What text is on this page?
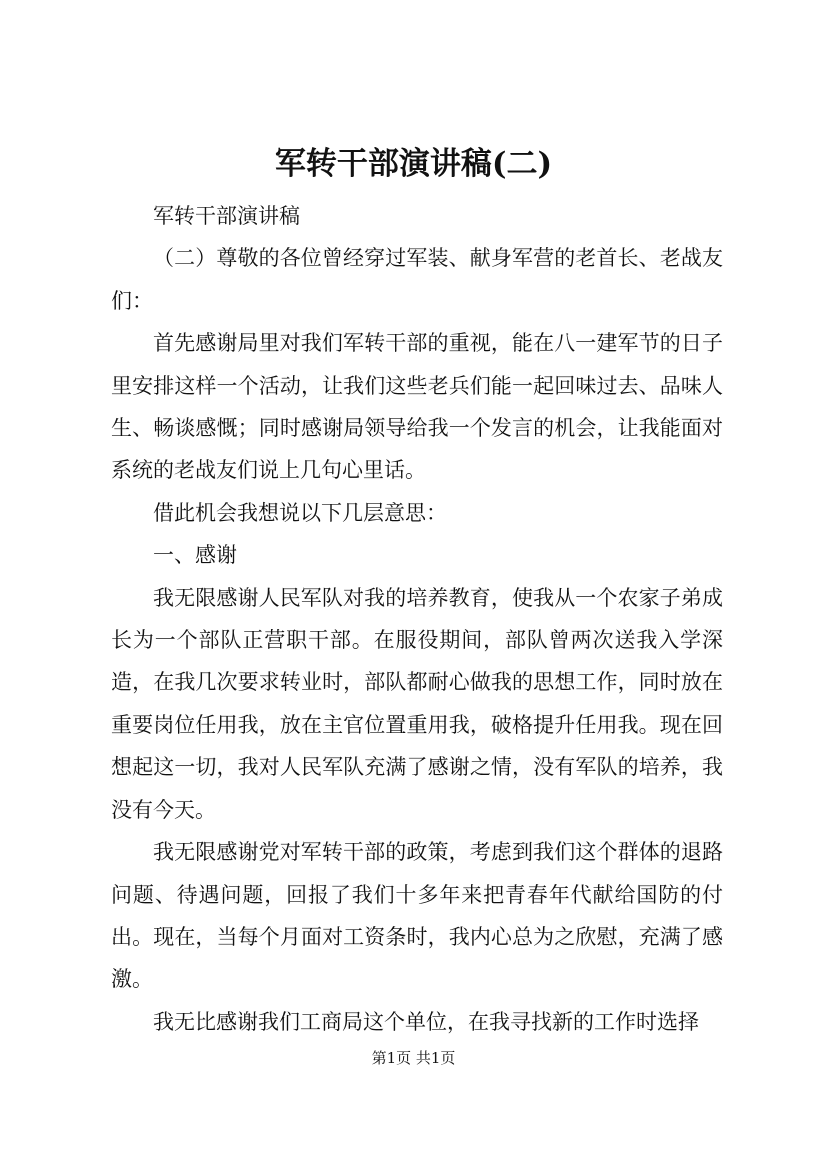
军转干部演讲稿(二)

军转干部演讲稿

（二）尊敬的各位曾经穿过军装、献身军营的老首长、老战友们：

首先感谢局里对我们军转干部的重视，能在八一建军节的日子里安排这样一个活动，让我们这些老兵们能一起回味过去、品味人生、畅谈感慨；同时感谢局领导给我一个发言的机会，让我能面对系统的老战友们说上几句心里话。

借此机会我想说以下几层意思：

一、感谢

我无限感谢人民军队对我的培养教育，使我从一个农家子弟成长为一个部队正营职干部。在服役期间，部队曾两次送我入学深造，在我几次要求转业时，部队都耐心做我的思想工作，同时放在重要岗位任用我，放在主官位置重用我，破格提升任用我。现在回想起这一切，我对人民军队充满了感谢之情，没有军队的培养，我没有今天。

我无限感谢党对军转干部的政策，考虑到我们这个群体的退路问题、待遇问题，回报了我们十多年来把青春年代献给国防的付出。现在，当每个月面对工资条时，我内心总为之欣慰，充满了感激。

我无比感谢我们工商局这个单位，在我寻找新的工作时选择

第1页 共1页
